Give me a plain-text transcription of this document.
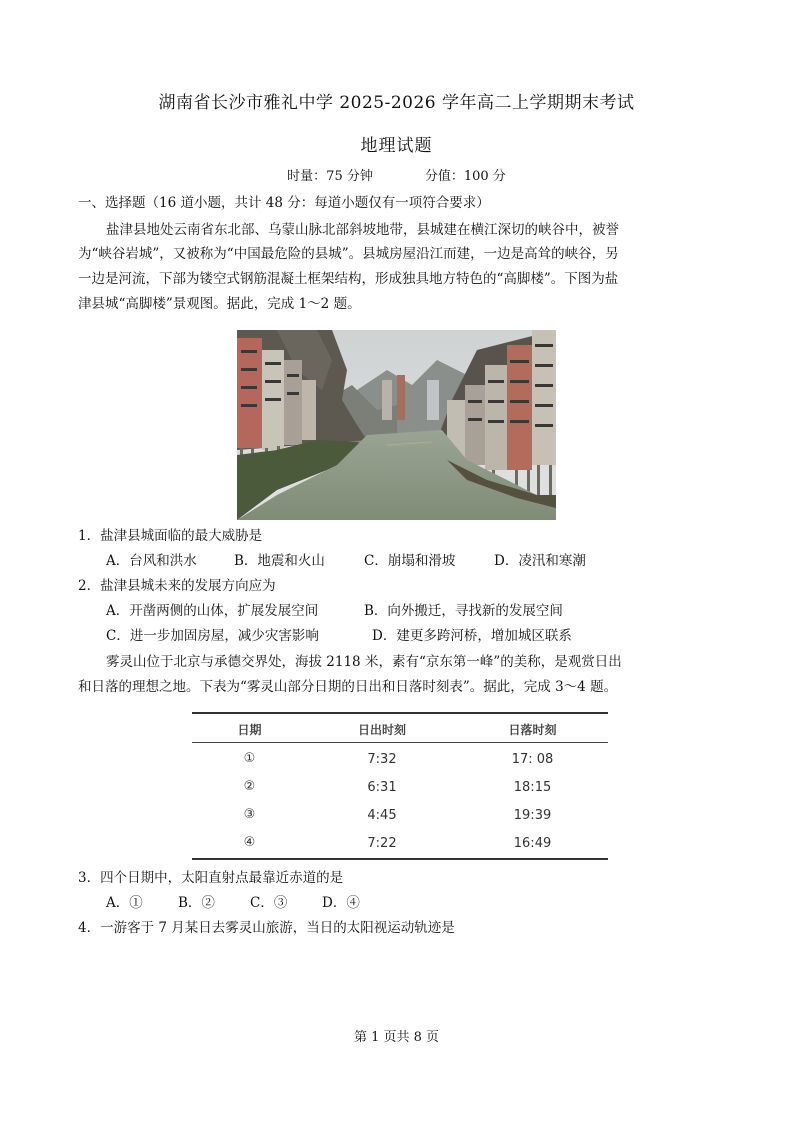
湖南省长沙市雅礼中学 2025-2026 学年高二上学期期末考试
地理试题
时量：75 分钟	分值：100 分
一、选择题（16 道小题，共计 48 分：每道小题仅有一项符合要求）
盐津县地处云南省东北部、乌蒙山脉北部斜坡地带，县城建在横江深切的峡谷中，被誉
为“峡谷岩城”，又被称为“中国最危险的县城”。县城房屋沿江而建，一边是高耸的峡谷，另
一边是河流，下部为镂空式钢筋混凝土框架结构，形成独具地方特色的“高脚楼”。下图为盐
津县城“高脚楼”景观图。据此，完成 1～2 题。
1．盐津县城面临的最大威胁是
A．台风和洪水	B．地震和火山	C．崩塌和滑坡	D．凌汛和寒潮
2．盐津县城未来的发展方向应为
A．开凿两侧的山体，扩展发展空间	B．向外搬迁，寻找新的发展空间
C．进一步加固房屋，减少灾害影响	D．建更多跨河桥，增加城区联系
雾灵山位于北京与承德交界处，海拔 2118 米，素有“京东第一峰”的美称，是观赏日出
和日落的理想之地。下表为“雾灵山部分日期的日出和日落时刻表”。据此，完成 3～4 题。
日期	日出时刻	日落时刻
①	7:32	17: 08
②	6:31	18:15
③	4:45	19:39
④	7:22	16:49
3．四个日期中，太阳直射点最靠近赤道的是
A．①	B．②	C．③	D．④
4．一游客于 7 月某日去雾灵山旅游，当日的太阳视运动轨迹是
第 1 页共 8 页
